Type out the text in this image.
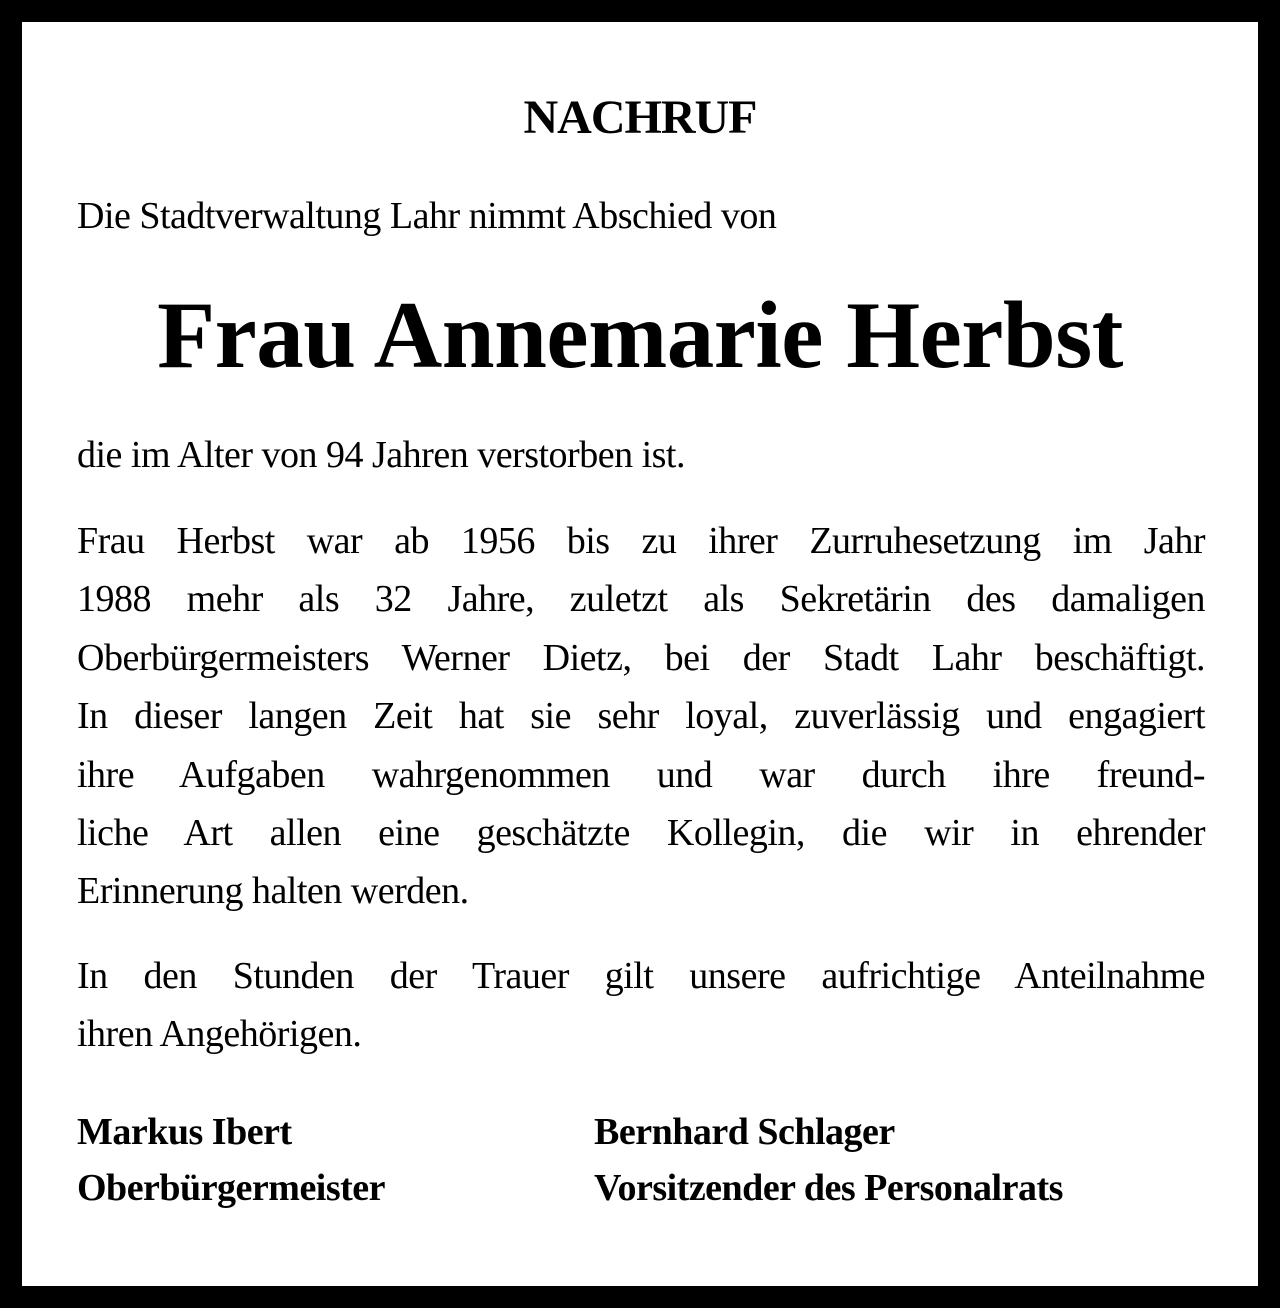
NACHRUF

Die Stadtverwaltung Lahr nimmt Abschied von

Frau Annemarie Herbst

die im Alter von 94 Jahren verstorben ist.

Frau Herbst war ab 1956 bis zu ihrer Zurruhesetzung im Jahr
1988 mehr als 32 Jahre, zuletzt als Sekretärin des damaligen
Oberbürgermeisters Werner Dietz, bei der Stadt Lahr beschäftigt.
In dieser langen Zeit hat sie sehr loyal, zuverlässig und engagiert
ihre Aufgaben wahrgenommen und war durch ihre freund-
liche Art allen eine geschätzte Kollegin, die wir in ehrender
Erinnerung halten werden.
In den Stunden der Trauer gilt unsere aufrichtige Anteilnahme
ihren Angehörigen.
Markus Ibert
Oberbürgermeister
Bernhard Schlager
Vorsitzender des Personalrats
